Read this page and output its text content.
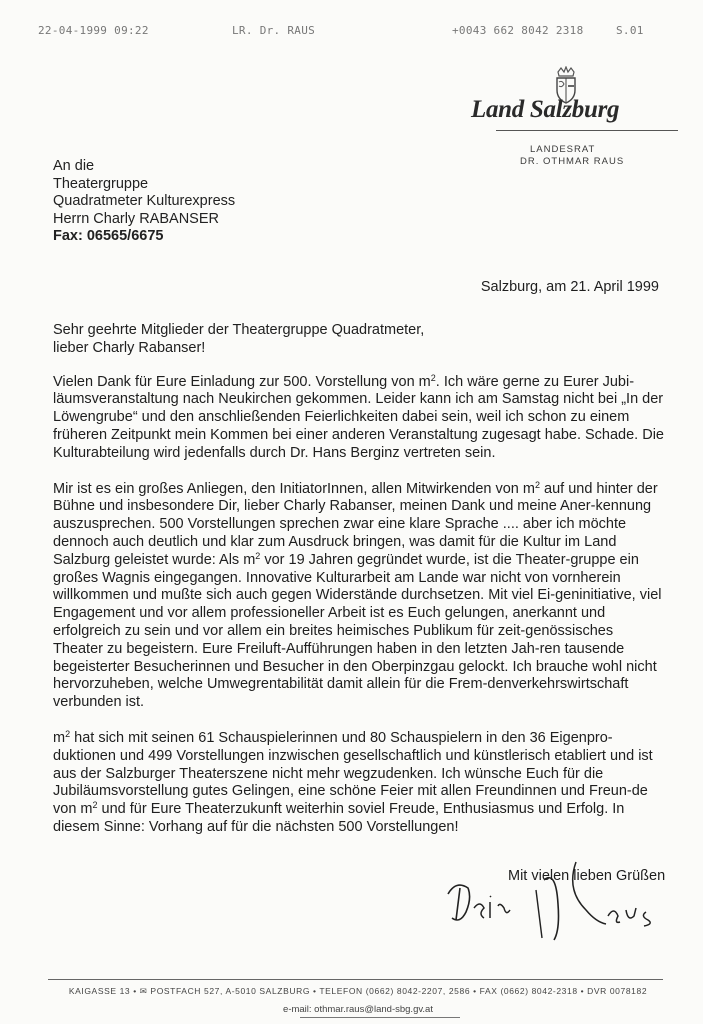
22-04-1999 09:22	LR. Dr. RAUS	+0043 662 8042 2318	S.01
Land Salzburg
LANDESRAT
DR. OTHMAR RAUS
An die
Theatergruppe
Quadratmeter Kulturexpress
Herrn Charly RABANSER
Fax: 06565/6675
Salzburg, am 21. April 1999

Sehr geehrte Mitglieder der Theatergruppe Quadratmeter,
lieber Charly Rabanser!

Vielen Dank für Eure Einladung zur 500. Vorstellung von $m^2$. Ich wäre gerne zu Eurer Jubi-läumsveranstaltung nach Neukirchen gekommen. Leider kann ich am Samstag nicht bei „In der Löwengrube“ und den anschließenden Feierlichkeiten dabei sein, weil ich schon zu einem früheren Zeitpunkt mein Kommen bei einer anderen Veranstaltung zugesagt habe. Schade. Die Kulturabteilung wird jedenfalls durch Dr. Hans Berginz vertreten sein.

Mir ist es ein großes Anliegen, den InitiatorInnen, allen Mitwirkenden von $m^2$ auf und hinter der Bühne und insbesondere Dir, lieber Charly Rabanser, meinen Dank und meine Aner-kennung auszusprechen. 500 Vorstellungen sprechen zwar eine klare Sprache .... aber ich möchte dennoch auch deutlich und klar zum Ausdruck bringen, was damit für die Kultur im Land Salzburg geleistet wurde: Als $m^2$ vor 19 Jahren gegründet wurde, ist die Theater-gruppe ein großes Wagnis eingegangen. Innovative Kulturarbeit am Lande war nicht von vornherein willkommen und mußte sich auch gegen Widerstände durchsetzen. Mit viel Ei-geninitiative, viel Engagement und vor allem professioneller Arbeit ist es Euch gelungen, anerkannt und erfolgreich zu sein und vor allem ein breites heimisches Publikum für zeit-genössisches Theater zu begeistern. Eure Freiluft-Aufführungen haben in den letzten Jah-ren tausende begeisterter Besucherinnen und Besucher in den Oberpinzgau gelockt. Ich brauche wohl nicht hervorzuheben, welche Umwegrentabilität damit allein für die Frem-denverkehrswirtschaft verbunden ist.

$m^2$ hat sich mit seinen 61 Schauspielerinnen und 80 Schauspielern in den 36 Eigenpro-duktionen und 499 Vorstellungen inzwischen gesellschaftlich und künstlerisch etabliert und ist aus der Salzburger Theaterszene nicht mehr wegzudenken. Ich wünsche Euch für die Jubiläumsvorstellung gutes Gelingen, eine schöne Feier mit allen Freundinnen und Freun-de von $m^2$ und für Eure Theaterzukunft weiterhin soviel Freude, Enthusiasmus und Erfolg. In diesem Sinne: Vorhang auf für die nächsten 500 Vorstellungen!

Mit vielen lieben Grüßen
KAIGASSE 13 • ✉ POSTFACH 527, A-5010 SALZBURG • TELEFON (0662) 8042-2207, 2586 • FAX (0662) 8042-2318 • DVR 0078182
e-mail: othmar.raus@land-sbg.gv.at
